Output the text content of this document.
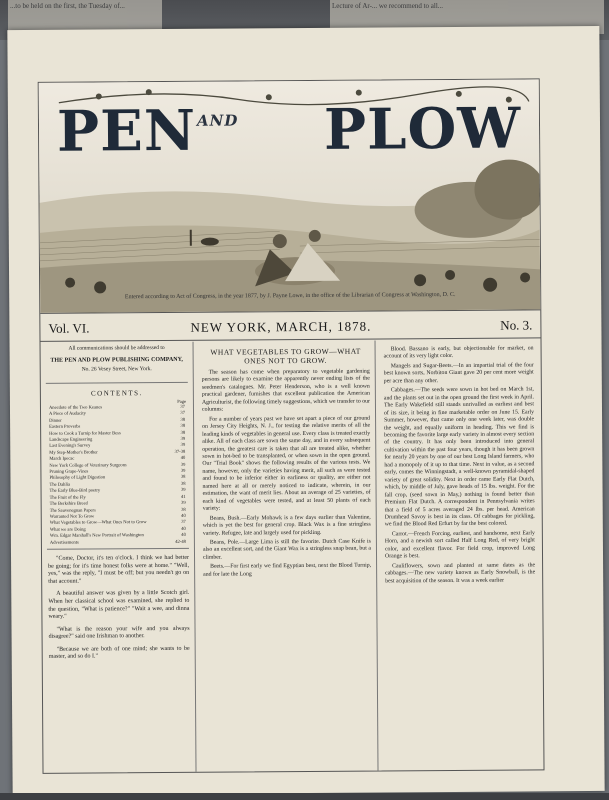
...to be held on the first, the Tuesday of...	Lecture of Ar-... we recommend to all...
PEN AND PLOW
Entered according to Act of Congress, in the year 1877, by J. Payne Lowe, in the office of the Librarian of Congress at Washington, D. C.
Vol. VI.	NEW YORK, MARCH, 1878.	No. 3.
All communications should be addressed to
THE PEN AND PLOW PUBLISHING COMPANY,
No. 26 Vesey Street, New York.
CONTENTS.
Page
Anecdote of the Two Keanes	37
A Piece of Audacity	37
Dinner	38
Eastern Proverbs	38
How to Cook a Turnip for Master Bess	38
Landscape Engineering	39
Last Evening's Survey	39
My Step-Mother's Brother	37-38
March Ipecac	40
New York College of Veterinary Surgeons	39
Pruning Grape-Vines	39
Philosophy of Light Digestion	38
The Dahlia	38
The Early Blue-Bird poetry	39
The Fruit of the Fly	41
The Berkshire Breed	39
The Sauvenegnan Papers	38
Warranted Not To Grow	40
What Vegetables to Grow—What Ones Not to Grow	37
What we are Doing	40
Wm. Edgar Marshall's New Portrait of Washington	40
Advertisements	42-48

"Come, Doctor, it's ten o'clock. I think we had better be going; for it's time honest folks were at home." "Well, yes," was the reply, "I must be off; but you needn't go on that account."

A beautiful answer was given by a little Scotch girl. When her classical school was examined, she replied to the question, "What is patience?" "Wait a wee, and dinna weary."

"What is the reason your wife and you always disagree?" said one Irishman to another.

"Because we are both of one mind; she wants to be master, and so do I."

WHAT VEGETABLES TO GROW—WHAT ONES NOT TO GROW.

The season has come when preparatory to vegetable gardening persons are likely to examine the apparently never ending lists of the seedmen's catalogues. Mr. Peter Henderson, who is a well known practical gardener, furnishes that excellent publication the American Agriculturist, the following timely suggestions, which we transfer to our columns:

For a number of years past we have set apart a piece of our ground on Jersey City Heights, N. J., for testing the relative merits of all the leading kinds of vegetables in general use. Every class is treated exactly alike. All of each class are sown the same day, and in every subsequent operation, the greatest care is taken that all are treated alike, whether sown in hot-bed to be transplanted, or when sown in the open ground. Our "Trial Book" shows the following results of the various tests. We name, however, only the varieties having merit, all such as were tested and found to be inferior either in earliness or quality, are either not named here at all or merely noticed to indicate, wherein, in our estimation, the want of merit lies. About an average of 25 varieties, of each kind of vegetables were tested, and at least 50 plants of each variety:

Beans, Bush.—Early Mohawk is a few days earlier than Valentine, which is yet the best for general crop. Black Wax is a fine stringless variety. Refugee, late and largely used for pickling.

Beans, Pole.—Large Lima is still the favorite. Dutch Case Knife is also an excellent sort, and the Giant Wax is a stringless snap bean, but a climber.

Beets.—For first early we find Egyptian best, next the Blood Turnip, and for late the Long

Blood. Bassano is early, but objectionable for market, on account of its very light color.

Mangels and Sugar-Beets.—In an impartial trial of the four best known sorts, Norbiton Giant gave 20 per cent more weight per acre than any other.

Cabbages.—The seeds were sown in hot bed on March 1st, and the plants set out in the open ground the first week in April. The Early Wakefield still stands unrivalled as earliest and best of its size, it being in fine marketable order on June 15. Early Summer, however, that came only one week later, was double the weight, and equally uniform in heading. This we find is becoming the favorite large early variety in almost every section of the country. It has only been introduced into general cultivation within the past four years, though it has been grown for nearly 20 years by one of our best Long Island farmers, who had a monopoly of it up to that time. Next in value, as a second early, comes the Winningstadt, a well-known pyramidal-shaped variety of great solidity. Next in order came Early Flat Dutch, which, by middle of July, gave heads of 15 lbs. weight. For the fall crop, (seed sown in May,) nothing is found better than Premium Flat Dutch. A correspondent in Pennsylvania writes that a field of 5 acres averaged 24 lbs. per head. American Drumhead Savoy is best in its class. Of cabbages for pickling, we find the Blood Red Erfurt by far the best colored.

Carrot.—French Forcing, earliest, and handsome, next Early Horn, and a newish sort called Half Long Red, of very bright color, and excellent flavor. For field crop, improved Long Orange is best.

Cauliflowers, sown and planted at same dates as the cabbages.—The new variety known as Early Snowball, is the best acquisition of the season. It was a week earlier
